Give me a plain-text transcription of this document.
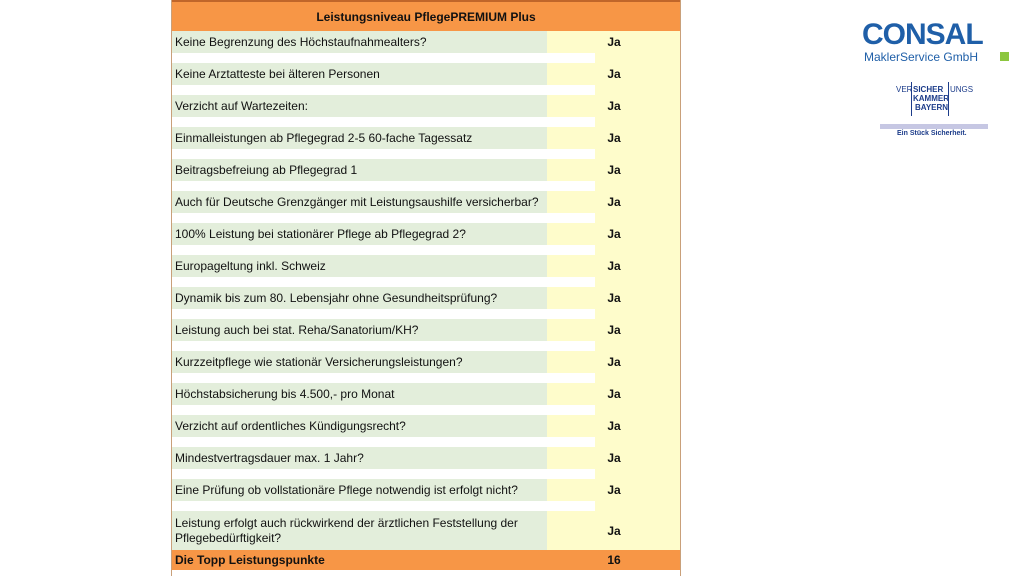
Leistungsniveau PflegePREMIUM Plus		
Keine Begrenzung des Höchstaufnahmealters?	Ja	

Keine Arztatteste bei älteren Personen	Ja	

Verzicht auf Wartezeiten:	Ja	

Einmalleistungen ab Pflegegrad 2-5 60-fache Tagessatz	Ja	

Beitragsbefreiung ab Pflegegrad 1	Ja	

Auch für Deutsche Grenzgänger mit Leistungsaushilfe versicherbar?	Ja	

100% Leistung bei stationärer Pflege ab Pflegegrad 2?	Ja	

Europageltung inkl. Schweiz	Ja	

Dynamik bis zum 80. Lebensjahr ohne Gesundheitsprüfung?	Ja	

Leistung auch bei stat. Reha/Sanatorium/KH?	Ja	

Kurzzeitpflege wie stationär Versicherungsleistungen?	Ja	

Höchstabsicherung bis 4.500,- pro Monat	Ja	

Verzicht auf ordentliches Kündigungsrecht?	Ja	

Mindestvertragsdauer max. 1 Jahr?	Ja	

Eine Prüfung ob vollstationäre Pflege notwendig ist erfolgt nicht?	Ja	

Leistung erfolgt auch rückwirkend der ärztlichen Feststellung der Pflegebedürftigkeit?	Ja	
Die Topp Leistungspunkte	16	
CONSAL
MaklerService GmbH
VER SICHER UNGS
KAMMER
BAYERN
Ein Stück Sicherheit.
